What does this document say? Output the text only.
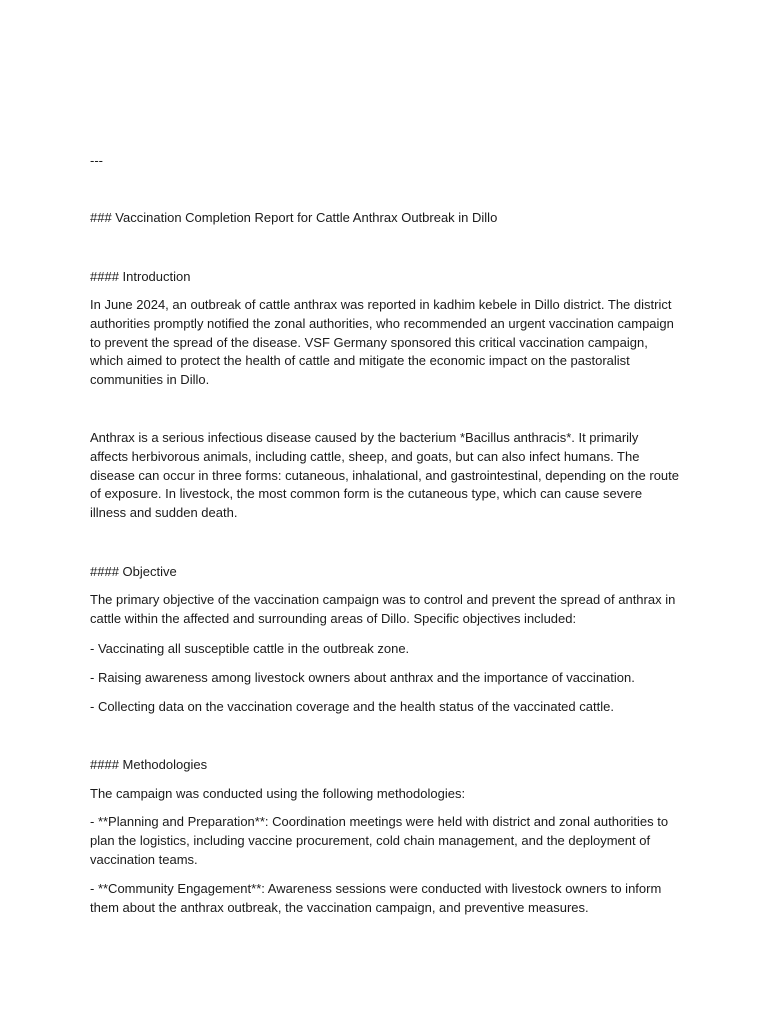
---
### Vaccination Completion Report for Cattle Anthrax Outbreak in Dillo
#### Introduction
In June 2024, an outbreak of cattle anthrax was reported in kadhim kebele in Dillo district. The district authorities promptly notified the zonal authorities, who recommended an urgent vaccination campaign to prevent the spread of the disease. VSF Germany sponsored this critical vaccination campaign, which aimed to protect the health of cattle and mitigate the economic impact on the pastoralist communities in Dillo.
Anthrax is a serious infectious disease caused by the bacterium *Bacillus anthracis*. It primarily affects herbivorous animals, including cattle, sheep, and goats, but can also infect humans. The disease can occur in three forms: cutaneous, inhalational, and gastrointestinal, depending on the route of exposure. In livestock, the most common form is the cutaneous type, which can cause severe illness and sudden death.
#### Objective
The primary objective of the vaccination campaign was to control and prevent the spread of anthrax in cattle within the affected and surrounding areas of Dillo. Specific objectives included:
- Vaccinating all susceptible cattle in the outbreak zone.
- Raising awareness among livestock owners about anthrax and the importance of vaccination.
- Collecting data on the vaccination coverage and the health status of the vaccinated cattle.
#### Methodologies
The campaign was conducted using the following methodologies:
- **Planning and Preparation**: Coordination meetings were held with district and zonal authorities to plan the logistics, including vaccine procurement, cold chain management, and the deployment of vaccination teams.
- **Community Engagement**: Awareness sessions were conducted with livestock owners to inform them about the anthrax outbreak, the vaccination campaign, and preventive measures.
